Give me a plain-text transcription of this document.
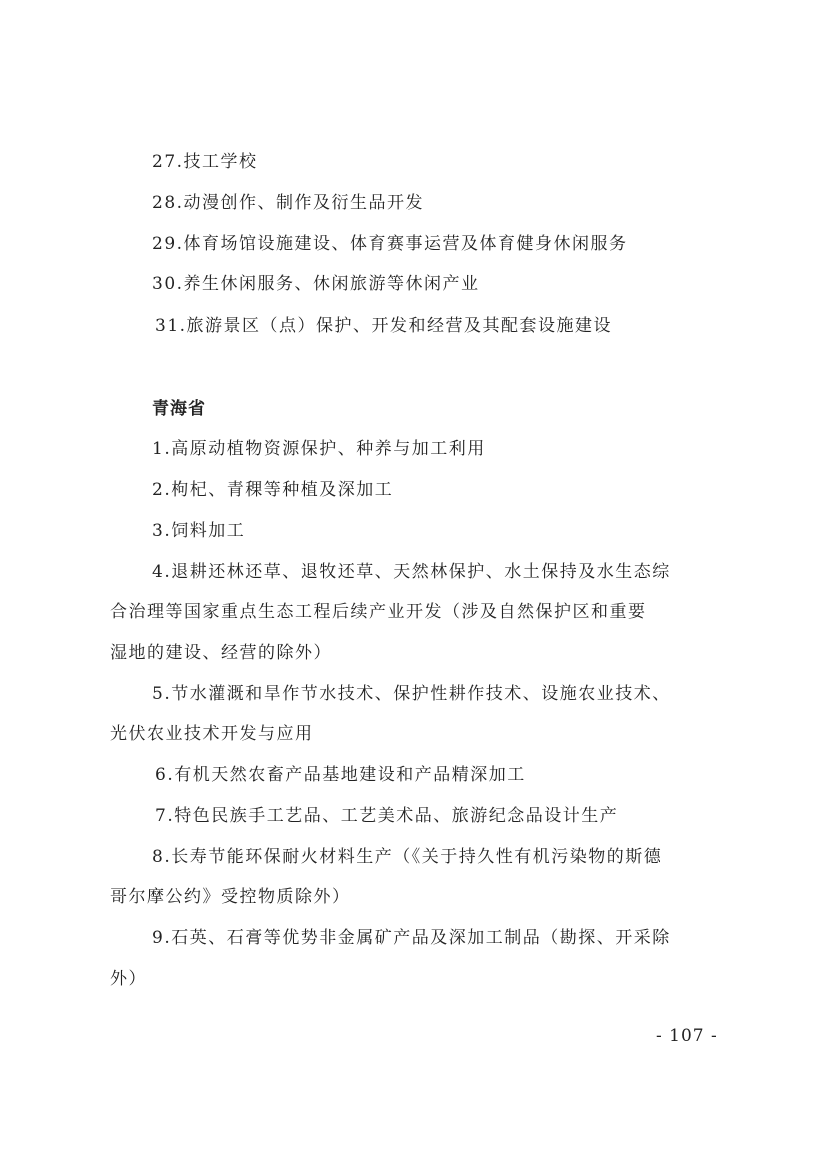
27.技工学校
28.动漫创作、制作及衍生品开发
29.体育场馆设施建设、体育赛事运营及体育健身休闲服务
30.养生休闲服务、休闲旅游等休闲产业
31.旅游景区（点）保护、开发和经营及其配套设施建设
青海省
1.高原动植物资源保护、种养与加工利用
2.枸杞、青稞等种植及深加工
3.饲料加工
4.退耕还林还草、退牧还草、天然林保护、水土保持及水生态综
合治理等国家重点生态工程后续产业开发（涉及自然保护区和重要
湿地的建设、经营的除外）
5.节水灌溉和旱作节水技术、保护性耕作技术、设施农业技术、
光伏农业技术开发与应用
6.有机天然农畜产品基地建设和产品精深加工
7.特色民族手工艺品、工艺美术品、旅游纪念品设计生产
8.长寿节能环保耐火材料生产（《关于持久性有机污染物的斯德
哥尔摩公约》受控物质除外）
9.石英、石膏等优势非金属矿产品及深加工制品（勘探、开采除
外）
- 107 -
